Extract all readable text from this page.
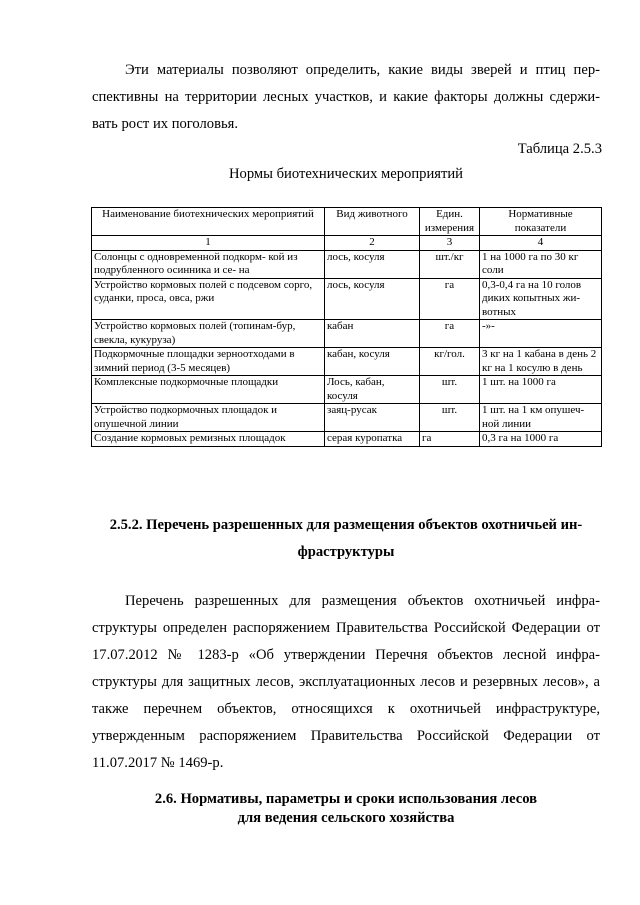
Эти материалы позволяют определить, какие виды зверей и птиц пер-спективны на территории лесных участков, и какие факторы должны сдержи-вать рост их поголовья.

Таблица 2.5.3
Нормы биотехнических мероприятий
Наименование биотехнических мероприятий	Вид животного	Един. измерения	Нормативные показатели
1	2	3	4
Солонцы с одновременной подкорм- кой из подрубленного осинника и се- на	лось, косуля	шт./кг	1 на 1000 га по 30 кг соли
Устройство кормовых полей с подсевом сорго, суданки, проса, овса, ржи	лось, косуля	га	0,3-0,4 га на 10 голов диких копытных жи-вотных
Устройство кормовых полей (топинам-бур, свекла, кукуруза)	кабан	га	-»-
Подкормочные площадки зерноотходами в зимний период (3-5 месяцев)	кабан, косуля	кг/гол.	3 кг на 1 кабана в день 2 кг на 1 косулю в день
Комплексные подкормочные площадки	Лось, кабан, косуля	шт.	1 шт. на 1000 га
Устройство подкормочных площадок и опушечной линии	заяц-русак	шт.	1 шт. на 1 км опушеч-ной линии
Создание кормовых ремизных площадок	серая куропатка	га	0,3 га на 1000 га

2.5.2. Перечень разрешенных для размещения объектов охотничьей ин-фраструктуры

Перечень разрешенных для размещения объектов охотничьей инфра-структуры определен распоряжением Правительства Российской Федерации от 17.07.2012 № 1283-р «Об утверждении Перечня объектов лесной инфра-структуры для защитных лесов, эксплуатационных лесов и резервных лесов», а также перечнем объектов, относящихся к охотничьей инфраструктуре, утвержденным распоряжением Правительства Российской Федерации от 11.07.2017 № 1469-р.

2.6. Нормативы, параметры и сроки использования лесов
для ведения сельского хозяйства
